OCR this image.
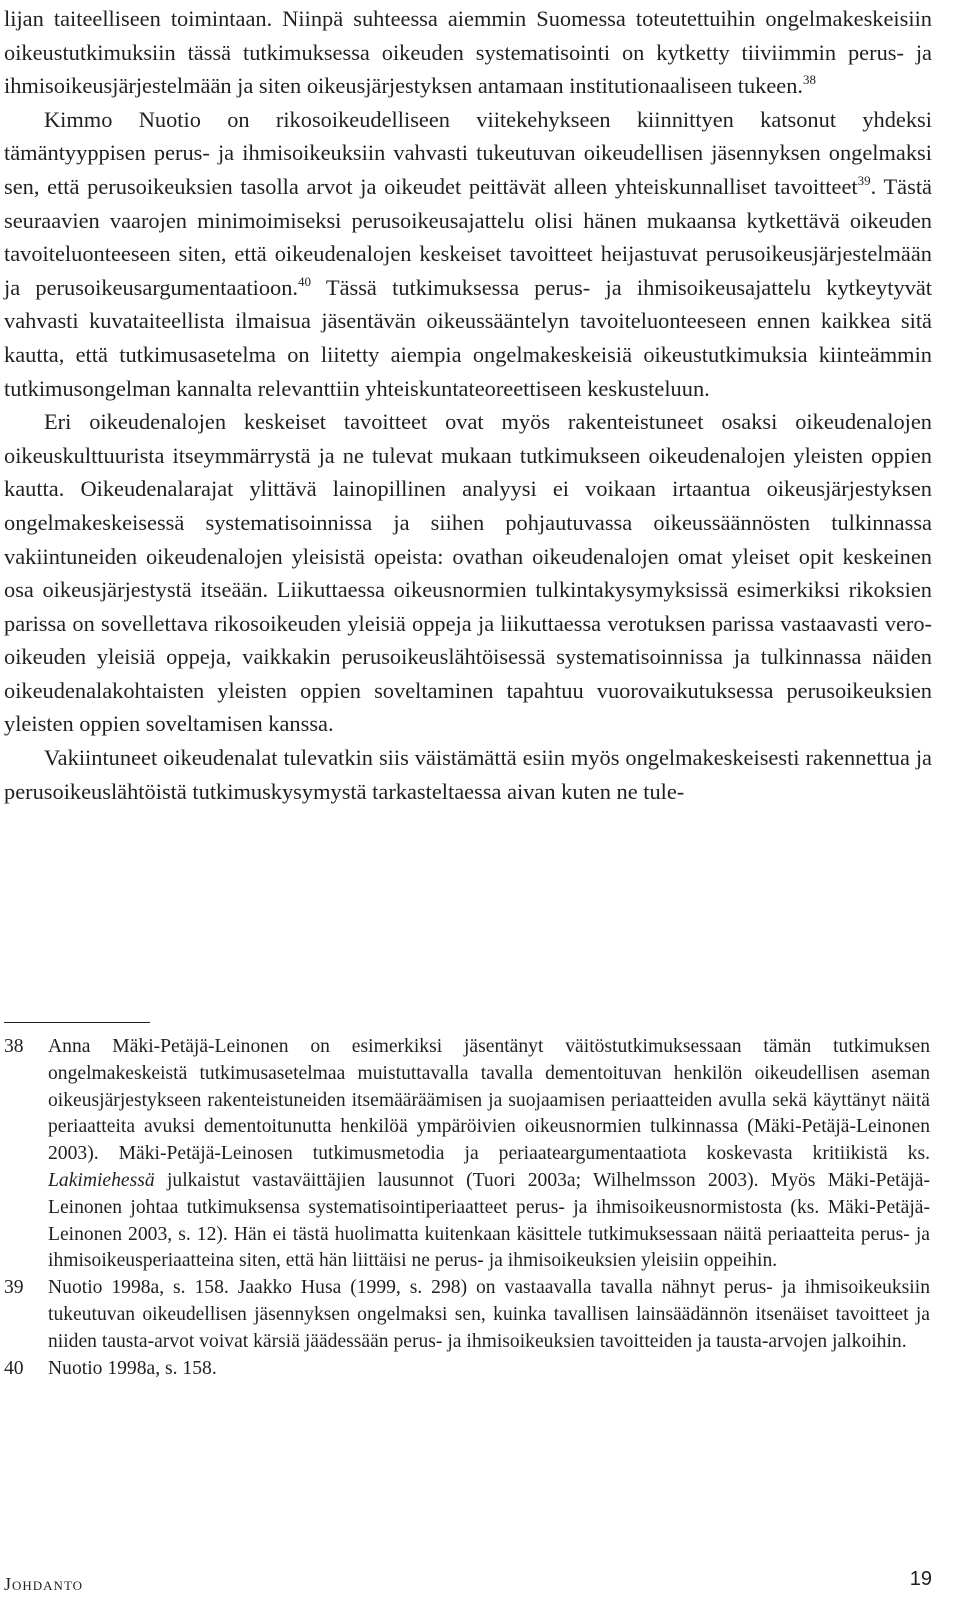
lijan taiteelliseen toimintaan. Niinpä suhteessa aiemmin Suomessa toteutettuihin ongelmakeskeisiin oikeustutkimuksiin tässä tutkimuksessa oikeuden systematisointi on kytketty tiiviimmin perus- ja ihmisoikeusjärjestelmään ja siten oikeusjärjestyksen antamaan institutionaaliseen tukeen.$^{38}$

Kimmo Nuotio on rikosoikeudelliseen viitekehykseen kiinnittyen katsonut yhdeksi tämäntyyppisen perus- ja ihmisoikeuksiin vahvasti tukeutuvan oikeudellisen jäsennyksen ongelmaksi sen, että perusoikeuksien tasolla arvot ja oikeudet peittävät alleen yhteiskunnalliset tavoitteet$^{39}$. Tästä seuraavien vaarojen minimoimiseksi perusoikeusajattelu olisi hänen mukaansa kytkettävä oikeuden tavoiteluonteeseen siten, että oikeudenalojen keskeiset tavoitteet heijastuvat perusoikeusjärjestelmään ja perusoikeusargumentaatioon.$^{40}$ Tässä tutkimuksessa perus- ja ihmisoikeusajattelu kytkeytyvät vahvasti kuvataiteellista ilmaisua jäsentävän oikeussääntelyn tavoiteluonteeseen ennen kaikkea sitä kautta, että tutkimusasetelma on liitetty aiempia ongelmakeskeisiä oikeustutkimuksia kiinteämmin tutkimusongelman kannalta relevanttiin yhteiskuntateoreettiseen keskusteluun.

Eri oikeudenalojen keskeiset tavoitteet ovat myös rakenteistuneet osaksi oikeudenalojen oikeuskulttuurista itseymmärrystä ja ne tulevat mukaan tutkimukseen oikeudenalojen yleisten oppien kautta. Oikeudenalarajat ylittävä lainopillinen analyysi ei voikaan irtaantua oikeusjärjestyksen ongelmakeskeisessä systematisoinnissa ja siihen pohjautuvassa oikeussäännösten tulkinnassa vakiintuneiden oikeudenalojen yleisistä opeista: ovathan oikeudenalojen omat yleiset opit keskeinen osa oikeusjärjestystä itseään. Liikuttaessa oikeusnormien tulkintakysymyksissä esimerkiksi rikoksien parissa on sovellettava rikosoikeuden yleisiä oppeja ja liikuttaessa verotuksen parissa vastaavasti vero-oikeuden yleisiä oppeja, vaikkakin perusoikeuslähtöisessä systematisoinnissa ja tulkinnassa näiden oikeudenalakohtaisten yleisten oppien soveltaminen tapahtuu vuorovaikutuksessa perusoikeuksien yleisten oppien soveltamisen kanssa.

Vakiintuneet oikeudenalat tulevatkin siis väistämättä esiin myös ongelmakeskeisesti rakennettua ja perusoikeuslähtöistä tutkimuskysymystä tarkasteltaessa aivan kuten ne tule-

38 Anna Mäki-Petäjä-Leinonen on esimerkiksi jäsentänyt väitöstutkimuksessaan tämän tutkimuksen ongelmakeskeistä tutkimusasetelmaa muistuttavalla tavalla dementoituvan henkilön oikeudellisen aseman oikeusjärjestykseen rakenteistuneiden itsemääräämisen ja suojaamisen periaatteiden avulla sekä käyttänyt näitä periaatteita avuksi dementoitunutta henkilöä ympäröivien oikeusnormien tulkinnassa (Mäki-Petäjä-Leinonen 2003). Mäki-Petäjä-Leinosen tutkimusmetodia ja periaateargumentaatiota koskevasta kritiikistä ks. Lakimiehessä julkaistut vastaväittäjien lausunnot (Tuori 2003a; Wilhelmsson 2003). Myös Mäki-Petäjä-Leinonen johtaa tutkimuksensa systematisointiperiaatteet perus- ja ihmisoikeusnormistosta (ks. Mäki-Petäjä-Leinonen 2003, s. 12). Hän ei tästä huolimatta kuitenkaan käsittele tutkimuksessaan näitä periaatteita perus- ja ihmisoikeusperiaatteina siten, että hän liittäisi ne perus- ja ihmisoikeuksien yleisiin oppeihin.

39 Nuotio 1998a, s. 158. Jaakko Husa (1999, s. 298) on vastaavalla tavalla nähnyt perus- ja ihmisoikeuksiin tukeutuvan oikeudellisen jäsennyksen ongelmaksi sen, kuinka tavallisen lainsäädännön itsenäiset tavoitteet ja niiden tausta-arvot voivat kärsiä jäädessään perus- ja ihmisoikeuksien tavoitteiden ja tausta-arvojen jalkoihin.

40 Nuotio 1998a, s. 158.

Johdanto	19
